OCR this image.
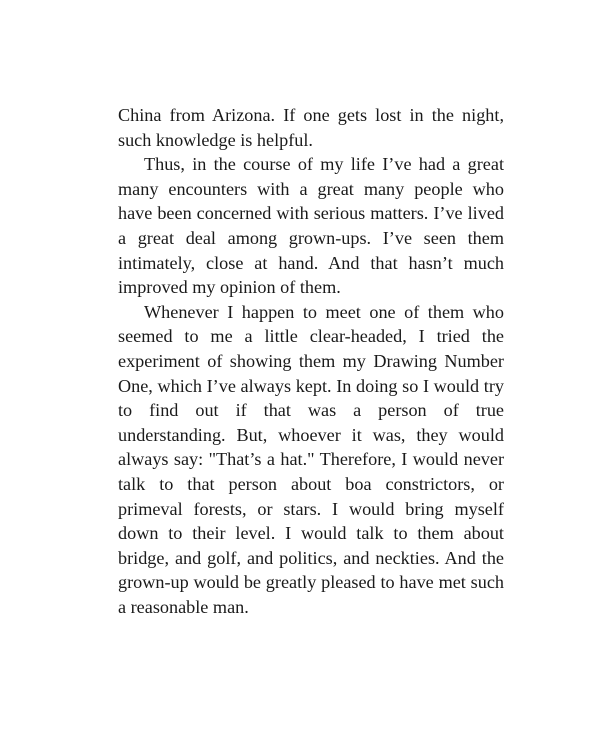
China from Arizona. If one gets lost in the night, such knowledge is helpful.

Thus, in the course of my life I’ve had a great many encounters with a great many people who have been concerned with serious matters. I’ve lived a great deal among grown-ups. I’ve seen them intimately, close at hand. And that hasn’t much improved my opinion of them.

Whenever I happen to meet one of them who seemed to me a little clear-headed, I tried the experiment of showing them my Drawing Number One, which I’ve always kept. In doing so I would try to find out if that was a person of true understanding. But, whoever it was, they would always say: "That’s a hat." Therefore, I would never talk to that person about boa constrictors, or primeval forests, or stars. I would bring myself down to their level. I would talk to them about bridge, and golf, and politics, and neckties. And the grown-up would be greatly pleased to have met such a reasonable man.
